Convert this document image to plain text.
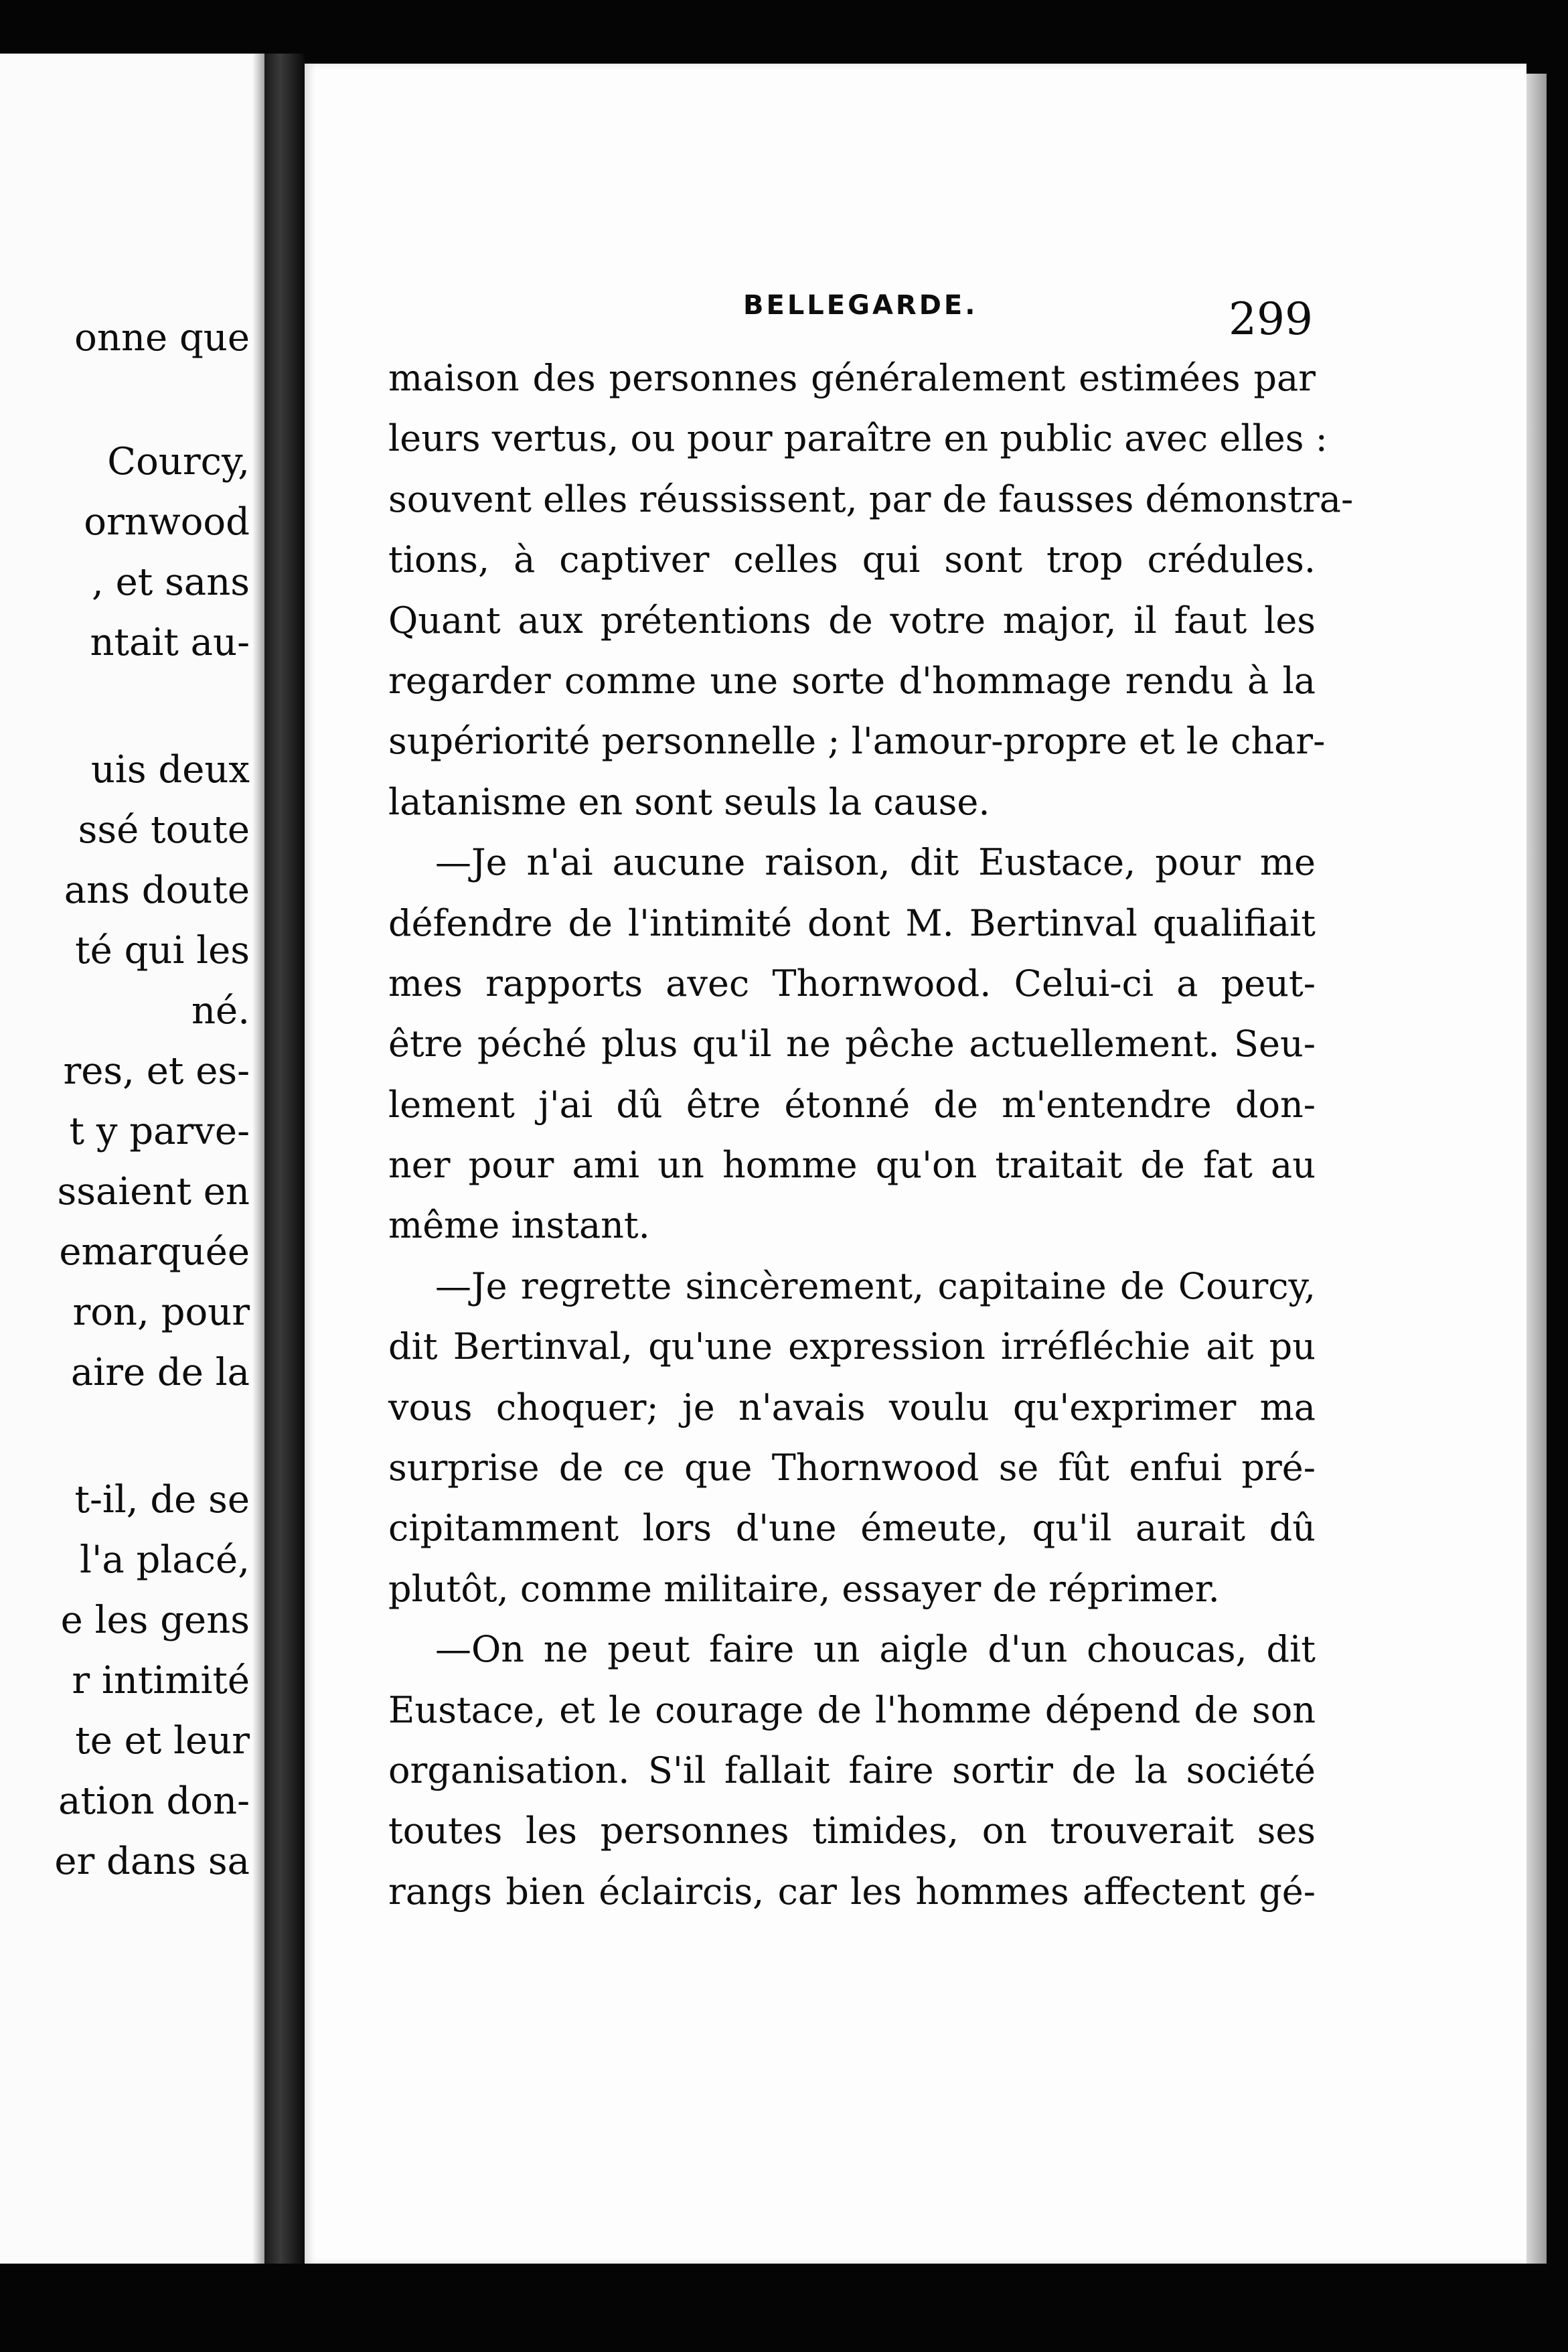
onne que
Courcy,
ornwood
, et sans
ntait au-
uis deux
ssé toute
ans doute
té qui les
né.
res, et es-
t y parve-
ssaient en
emarquée
ron, pour
aire de la
t-il, de se
l'a placé,
e les gens
r intimité
te et leur
ation don-
er dans sa
BELLEGARDE.	299
maison des personnes généralement estimées par
leurs vertus, ou pour paraître en public avec elles :
souvent elles réussissent, par de fausses démonstra-
tions, à captiver celles qui sont trop crédules.
Quant aux prétentions de votre major, il faut les
regarder comme une sorte d'hommage rendu à la
supériorité personnelle ; l'amour-propre et le char-
latanisme en sont seuls la cause.
—Je n'ai aucune raison, dit Eustace, pour me
défendre de l'intimité dont M. Bertinval qualifiait
mes rapports avec Thornwood. Celui-ci a peut-
être péché plus qu'il ne pêche actuellement. Seu-
lement j'ai dû être étonné de m'entendre don-
ner pour ami un homme qu'on traitait de fat au
même instant.
—Je regrette sincèrement, capitaine de Courcy,
dit Bertinval, qu'une expression irréfléchie ait pu
vous choquer; je n'avais voulu qu'exprimer ma
surprise de ce que Thornwood se fût enfui pré-
cipitamment lors d'une émeute, qu'il aurait dû
plutôt, comme militaire, essayer de réprimer.
—On ne peut faire un aigle d'un choucas, dit
Eustace, et le courage de l'homme dépend de son
organisation. S'il fallait faire sortir de la société
toutes les personnes timides, on trouverait ses
rangs bien éclaircis, car les hommes affectent gé-
